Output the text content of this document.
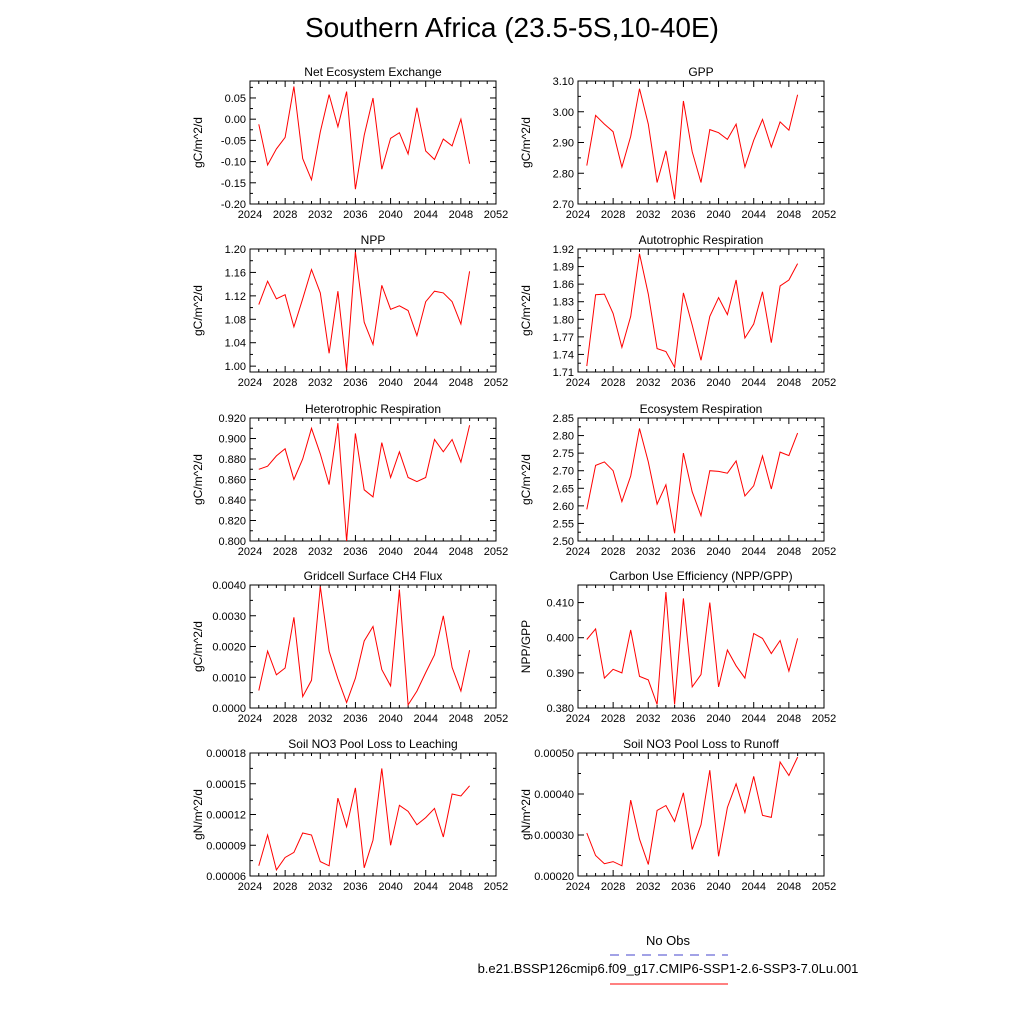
Southern Africa (23.5-5S,10-40E)
Net Ecosystem Exchange
2024 2028 2032 2036 2040 2044 2048 2052
0.05
0.00
-0.05
-0.10
-0.15
-0.20
gC/m^2/d
GPP
2024 2028 2032 2036 2040 2044 2048 2052
3.10
3.00
2.90
2.80
2.70
gC/m^2/d
NPP
2024 2028 2032 2036 2040 2044 2048 2052
1.20
1.16
1.12
1.08
1.04
1.00
gC/m^2/d
Autotrophic Respiration
2024 2028 2032 2036 2040 2044 2048 2052
1.92
1.89
1.86
1.83
1.80
1.77
1.74
1.71
gC/m^2/d
Heterotrophic Respiration
2024 2028 2032 2036 2040 2044 2048 2052
0.920
0.900
0.880
0.860
0.840
0.820
0.800
gC/m^2/d
Ecosystem Respiration
2024 2028 2032 2036 2040 2044 2048 2052
2.85
2.80
2.75
2.70
2.65
2.60
2.55
2.50
gC/m^2/d
Gridcell Surface CH4 Flux
2024 2028 2032 2036 2040 2044 2048 2052
0.0040
0.0030
0.0020
0.0010
0.0000
gC/m^2/d
Carbon Use Efficiency (NPP/GPP)
2024 2028 2032 2036 2040 2044 2048 2052
0.410
0.400
0.390
0.380
NPP/GPP
Soil NO3 Pool Loss to Leaching
2024 2028 2032 2036 2040 2044 2048 2052
0.00018
0.00015
0.00012
0.00009
0.00006
gN/m^2/d
Soil NO3 Pool Loss to Runoff
2024 2028 2032 2036 2040 2044 2048 2052
0.00050
0.00040
0.00030
0.00020
gN/m^2/d
No Obs
b.e21.BSSP126cmip6.f09_g17.CMIP6-SSP1-2.6-SSP3-7.0Lu.001
